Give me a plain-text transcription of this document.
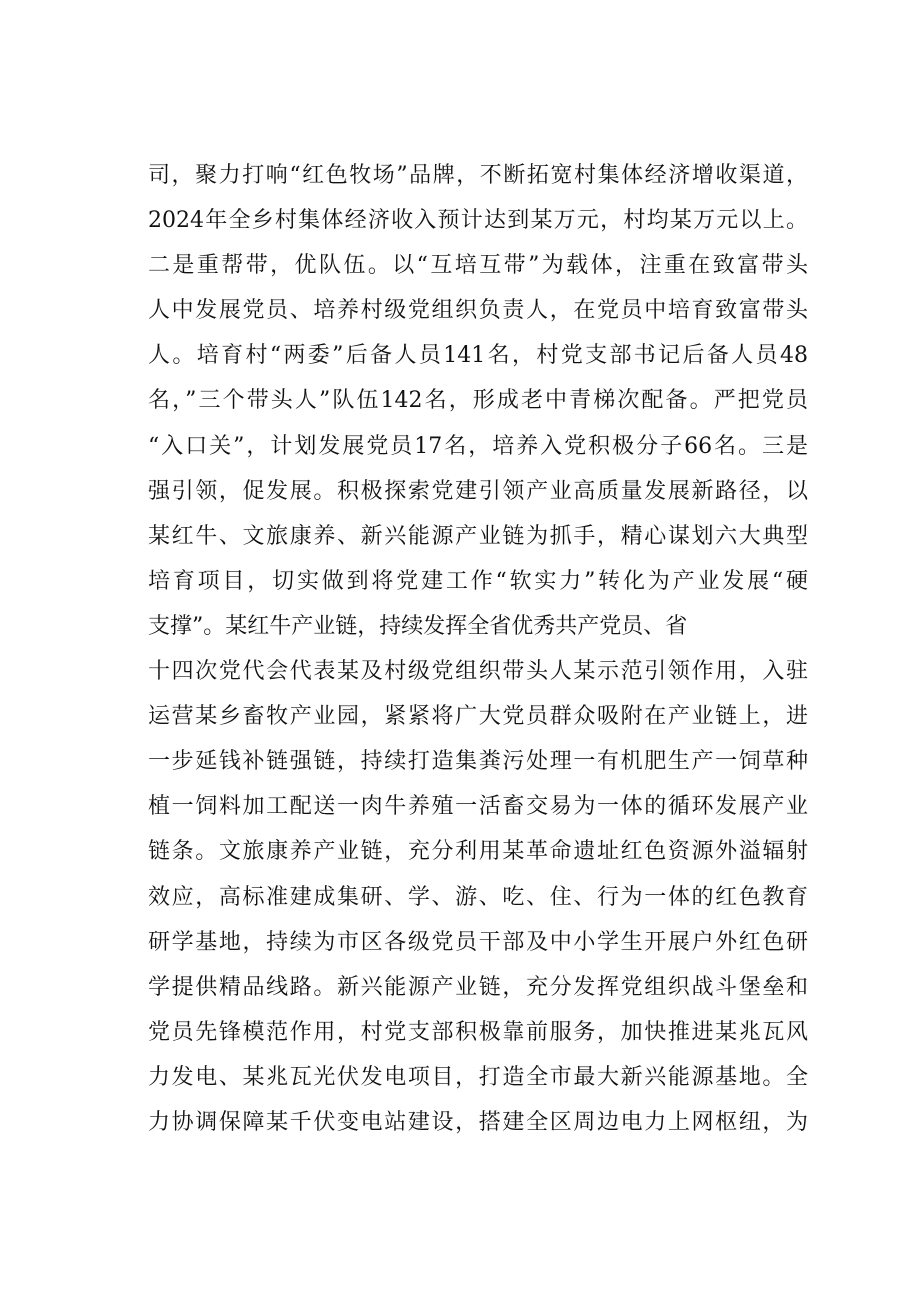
司，聚力打响“红色牧场”品牌，不断拓宽村集体经济增收渠道，
2024年全乡村集体经济收入预计达到某万元，村均某万元以上。
二是重帮带，优队伍。以“互培互带”为载体，注重在致富带头
人中发展党员、培养村级党组织负责人，在党员中培育致富带头
人。培育村“两委”后备人员141名，村党支部书记后备人员48
名，”三个带头人”队伍142名，形成老中青梯次配备。严把党员
“入口关”，计划发展党员17名，培养入党积极分子66名。三是
强引领，促发展。积极探索党建引领产业高质量发展新路径，以
某红牛、文旅康养、新兴能源产业链为抓手，精心谋划六大典型
培育项目，切实做到将党建工作“软实力”转化为产业发展“硬
支撑”。某红牛产业链，持续发挥全省优秀共产党员、省
十四次党代会代表某及村级党组织带头人某示范引领作用，入驻
运营某乡畜牧产业园，紧紧将广大党员群众吸附在产业链上，进
一步延钱补链强链，持续打造集粪污处理一有机肥生产一饲草种
植一饲料加工配送一肉牛养殖一活畜交易为一体的循环发展产业
链条。文旅康养产业链，充分利用某革命遗址红色资源外溢辐射
效应，高标准建成集研、学、游、吃、住、行为一体的红色教育
研学基地，持续为市区各级党员干部及中小学生开展户外红色研
学提供精品线路。新兴能源产业链，充分发挥党组织战斗堡垒和
党员先锋模范作用，村党支部积极靠前服务，加快推进某兆瓦风
力发电、某兆瓦光伏发电项目，打造全市最大新兴能源基地。全
力协调保障某千伏变电站建设，搭建全区周边电力上网枢纽，为
